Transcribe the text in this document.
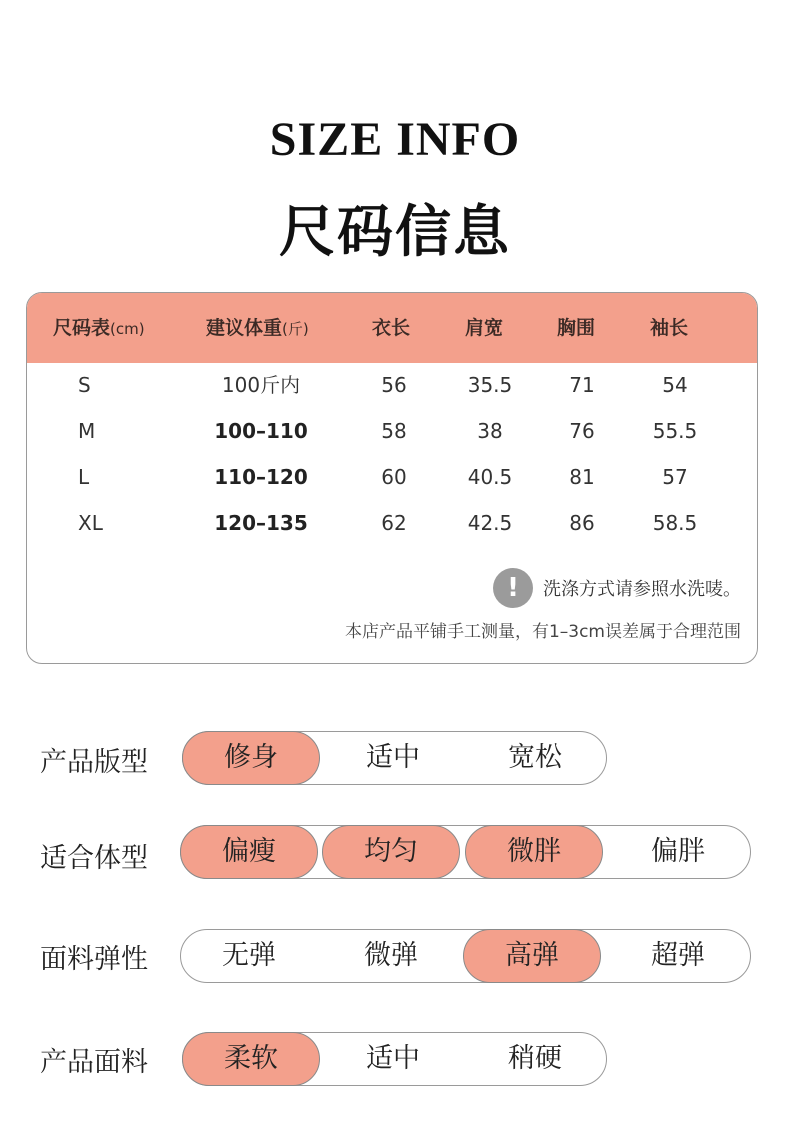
SIZE INFO
尺码信息
尺码表(cm)	建议体重(斤)	衣长	肩宽	胸围	袖长
S	100斤内	56	35.5	71	54
M	100–110	58	38	76	55.5
L	110–120	60	40.5	81	57
XL	120–135	62	42.5	86	58.5
!	洗涤方式请参照水洗唛。
本店产品平铺手工测量，有1–3cm误差属于合理范围
产品版型	修身	适中	宽松
适合体型	偏瘦	均匀	微胖	偏胖
面料弹性	无弹	微弹	高弹	超弹
产品面料	柔软	适中	稍硬
